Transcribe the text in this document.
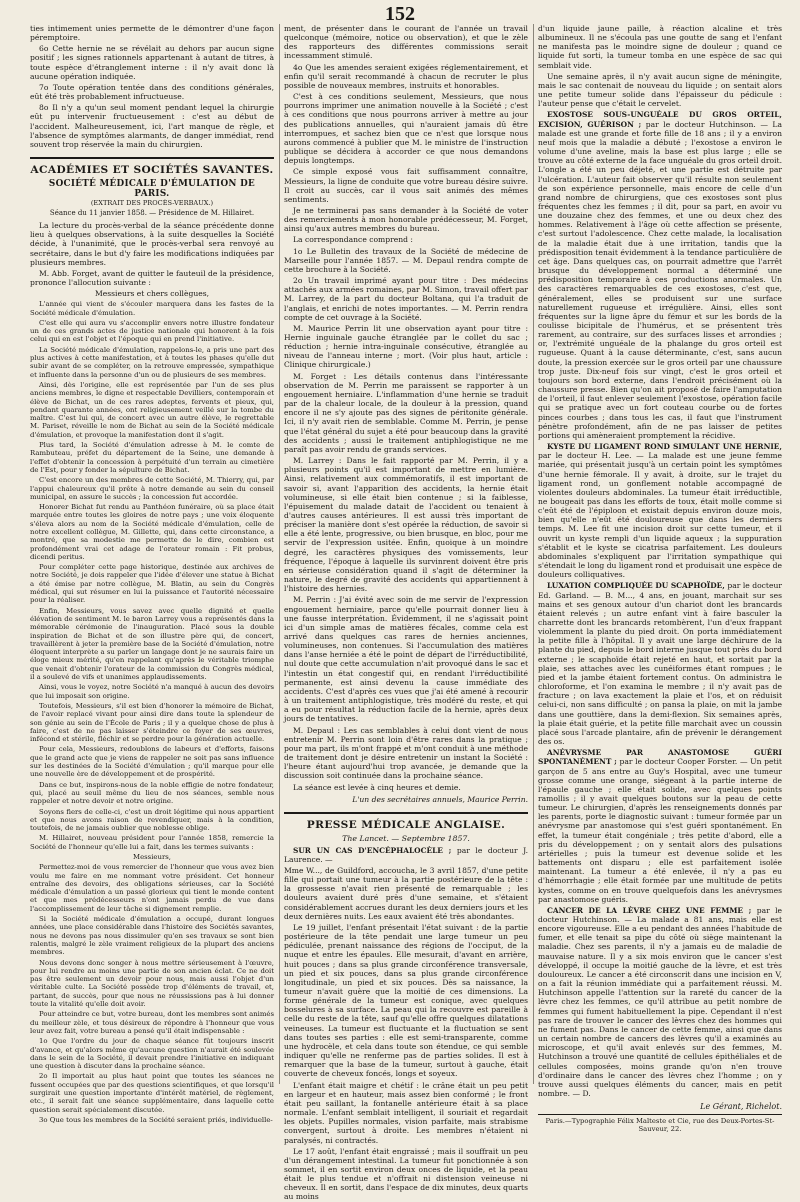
152

ties intimement unies permette de le démontrer d'une façon péremptoire.

6o Cette hernie ne se révélait au dehors par aucun signe positif ; les signes rationnels appartenant à autant de titres, à toute espèce d'étranglement interne : il n'y avait donc là aucune opération indiquée.

7o Toute opération tentée dans des conditions générales, eût été très probablement infructueuse.

8o Il n'y a qu'un seul moment pendant lequel la chirurgie eût pu intervenir fructueusement : c'est au début de l'accident. Malheureusement, ici, l'art manque de règle, et l'absence de symptômes alarmants, de danger immédiat, rend souvent trop réservée la main du chirurgien.

ACADÉMIES ET SOCIÉTÉS SAVANTES.
SOCIÉTÉ MÉDICALE D'ÉMULATION DE PARIS.
(EXTRAIT DES PROCÈS-VERBAUX.)
Séance du 11 janvier 1858. — Présidence de M. Hillairet.

La lecture du procès-verbal de la séance précédente donne lieu à quelques observations, à la suite desquelles la Société décide, à l'unanimité, que le procès-verbal sera renvoyé au secrétaire, dans le but d'y faire les modifications indiquées par plusieurs membres.

M. Abb. Forget, avant de quitter le fauteuil de la présidence, prononce l'allocution suivante :

Messieurs et chers collègues,

L'année qui vient de s'écouler marquera dans les fastes de la Société médicale d'émulation.

C'est elle qui aura vu s'accomplir envers notre illustre fondateur un de ces grands actes de justice nationale qui honorent à la fois celui qui en est l'objet et l'époque qui en prend l'initiative.

La Société médicale d'émulation, rappelons-le, a pris une part des plus actives à cette manifestation, et à toutes les phases qu'elle dut subir avant de se compléter, on la retrouve empressée, sympathique et influente dans la personne d'un ou de plusieurs de ses membres.

Ainsi, dès l'origine, elle est représentée par l'un de ses plus anciens membres, le digne et respectable Devilliers, contemporain et élève de Bichat, un de ces rares adeptes, fervents et pieux, qui, pendant quarante années, ont religieusement veillé sur la tombe du maître. C'est lui qui, de concert avec un autre élève, le regrettable M. Pariset, réveille le nom de Bichat au sein de la Société médicale d'émulation, et provoque la manifestation dont il s'agit.

Plus tard, la Société d'émulation adresse à M. le comte de Rambuteau, préfet du département de la Seine, une demande à l'effet d'obtenir la concession à perpétuité d'un terrain au cimetière de l'Est, pour y fonder la sépulture de Bichat.

C'est encore un des membres de cette Société, M. Thierry, qui, par l'appui chaleureux qu'il prête à notre demande au sein du conseil municipal, en assure le succès ; la concession fut accordée.

Honorer Bichat fut rendu au Panthéon funéraire, où sa place était marquée entre toutes les gloires de notre pays ; une voix éloquente s'éleva alors au nom de la Société médicale d'émulation, celle de notre excellent collègue, M. Gillette, qui, dans cette circonstance, a montré, que sa modestie me permette de le dire, combien est profondément vrai cet adage de l'orateur romain : Fit probus, dicendi peritus.

Pour compléter cette page historique, destinée aux archives de notre Société, je dois rappeler que l'idée d'élever une statue à Bichat a été émise par notre collègue, M. Blatin, au sein du Congrès médical, qui sut résumer en lui la puissance et l'autorité nécessaire pour la réaliser.

Enfin, Messieurs, vous savez avec quelle dignité et quelle élévation de sentiment M. le baron Larrey vous a représentés dans la mémorable cérémonie de l'inauguration. Placé sous la double inspiration de Bichat et de son illustre père qui, de concert, travaillèrent à jeter la première base de la Société d'émulation, notre éloquent interprète a su parler un langage dont je ne saurais faire un éloge mieux mérité, qu'en rappelant qu'après le véritable triomphe que venait d'obtenir l'orateur de la commission du Congrès médical, il a soulevé de vifs et unanimes applaudissements.

Ainsi, vous le voyez, notre Société n'a manqué à aucun des devoirs que lui imposait son origine.

Toutefois, Messieurs, s'il est bien d'honorer la mémoire de Bichat, de l'avoir replacé vivant pour ainsi dire dans toute la splendeur de son génie au sein de l'École de Paris ; il y a quelque chose de plus à faire, c'est de ne pas laisser s'éteindre ce foyer de ses œuvres, infécond et stérile, fléchir et se perdre pour la génération actuelle.

Pour cela, Messieurs, redoublons de labeurs et d'efforts, faisons que le grand acte que je viens de rappeler ne soit pas sans influence sur les destinées de la Société d'émulation ; qu'il marque pour elle une nouvelle ère de développement et de prospérité.

Dans ce but, inspirons-nous de la noble effigie de notre fondateur, qui, placé au seuil même du lieu de nos séances, semble nous rappeler et notre devoir et notre origine.

Soyons fiers de celle-ci, c'est un droit légitime qui nous appartient et que nous avons raison de revendiquer, mais à la condition, toutefois, de ne jamais oublier que noblesse oblige.

M. Hillairet, nouveau président pour l'année 1858, remercie la Société de l'honneur qu'elle lui a fait, dans les termes suivants :

Messieurs,

Permettez-moi de vous remercier de l'honneur que vous avez bien voulu me faire en me nommant votre président. Cet honneur entraîne des devoirs, des obligations sérieuses, car la Société médicale d'émulation a un passé glorieux qui tient le monde content et que mes prédécesseurs n'ont jamais perdu de vue dans l'accomplissement de leur tâche si dignement remplie.

Si la Société médicale d'émulation a occupé, durant longues années, une place considérable dans l'histoire des Sociétés savantes, nous ne devons pas nous dissimuler qu'en ses travaux se sont bien ralentis, malgré le zèle vraiment religieux de la plupart des anciens membres.

Nous devons donc songer à nous mettre sérieusement à l'œuvre, pour lui rendre au moins une partie de son ancien éclat. Ce ne doit pas être seulement un devoir pour nous, mais aussi l'objet d'un véritable culte. La Société possède trop d'éléments de travail, et, partant, de succès, pour que nous ne réussissions pas à lui donner toute la vitalité qu'elle doit avoir.

Pour atteindre ce but, votre bureau, dont les membres sont animés du meilleur zèle, et tous désireux de répondre à l'honneur que vous leur avez fait, votre bureau a pensé qu'il était indispensable :

1o Que l'ordre du jour de chaque séance fût toujours inscrit d'avance, et qu'alors même qu'aucune question n'aurait été soulevée dans le sein de la Société, il devait prendre l'initiative en indiquant une question à discuter dans la prochaine séance.

2o Il importait au plus haut point que toutes les séances ne fussent occupées que par des questions scientifiques, et que lorsqu'il surgirait une question importante d'intérêt matériel, de règlement, etc., il serait fait une séance supplémentaire, dans laquelle cette question serait spécialement discutée.

3o Que tous les membres de la Société seraient priés, individuelle-

ment, de présenter dans le courant de l'année un travail quelconque (mémoire, notice ou observation), et que le zèle des rapporteurs des différentes commissions serait incessamment stimulé.

4o Que les amendes seraient exigées réglementairement, et enfin qu'il serait recommandé à chacun de recruter le plus possible de nouveaux membres, instruits et honorables.

C'est à ces conditions seulement, Messieurs, que nous pourrons imprimer une animation nouvelle à la Société ; c'est à ces conditions que nous pourrons arriver à mettre au jour des publications annuelles, qui n'auraient jamais dû être interrompues, et sachez bien que ce n'est que lorsque nous aurons commencé à publier que M. le ministre de l'instruction publique se décidera à accorder ce que nous demandons depuis longtemps.

Ce simple exposé vous fait suffisamment connaître, Messieurs, la ligne de conduite que votre bureau désire suivre. Il croit au succès, car il vous sait animés des mêmes sentiments.

Je ne terminerai pas sans demander à la Société de voter des remerciements à mon honorable prédécesseur, M. Forget, ainsi qu'aux autres membres du bureau.

La correspondance comprend :

1o Le Bulletin des travaux de la Société de médecine de Marseille pour l'année 1857. — M. Depaul rendra compte de cette brochure à la Société.

2o Un travail imprimé ayant pour titre : Des médecins attachés aux armées romaines, par M. Simon, travail offert par M. Larrey, de la part du docteur Boltana, qui l'a traduit de l'anglais, et enrichi de notes importantes. — M. Perrin rendra compte de cet ouvrage à la Société.

M. Maurice Perrin lit une observation ayant pour titre : Hernie inguinale gauche étranglée par le collet du sac ; réduction ; hernie intra-inguinale consécutive, étranglée au niveau de l'anneau interne ; mort. (Voir plus haut, article : Clinique chirurgicale.)

M. Forget : Les détails contenus dans l'intéressante observation de M. Perrin me paraissent se rapporter à un engouement herniaire. L'inflammation d'une hernie se traduit par de la chaleur locale, de la douleur à la pression, quand encore il ne s'y ajoute pas des signes de péritonite générale. Ici, il n'y avait rien de semblable. Comme M. Perrin, je pense que l'état général du sujet a été pour beaucoup dans la gravité des accidents ; aussi le traitement antiphlogistique ne me paraît pas avoir rendu de grands services.

M. Larrey : Dans le fait rapporté par M. Perrin, il y a plusieurs points qu'il est important de mettre en lumière. Ainsi, relativement aux commémoratifs, il est important de savoir si, avant l'apparition des accidents, la hernie était volumineuse, si elle était bien contenue ; si la faiblesse, l'épuisement du malade datait de l'accident ou tenaient à d'autres causes antérieures. Il est aussi très important de préciser la manière dont s'est opérée la réduction, de savoir si elle a été lente, progressive, ou bien brusque, en bloc, pour me servir de l'expression usitée. Enfin, quoique à un moindre degré, les caractères physiques des vomissements, leur fréquence, l'époque à laquelle ils survinrent doivent être pris en sérieuse considération quand il s'agit de déterminer la nature, le degré de gravité des accidents qui appartiennent à l'histoire des hernies.

M. Perrin : J'ai évité avec soin de me servir de l'expression engouement herniaire, parce qu'elle pourrait donner lieu à une fausse interprétation. Évidemment, il ne s'agissait point ici d'un simple amas de matières fécales, comme cela est arrivé dans quelques cas rares de hernies anciennes, volumineuses, non contenues. Si l'accumulation des matières dans l'anse herniée a été le point de départ de l'irréductibilité, nul doute que cette accumulation n'ait provoqué dans le sac et l'intestin un état congestif qui, en rendant l'irréductibilité permanente, est ainsi devenu la cause immédiate des accidents. C'est d'après ces vues que j'ai été amené à recourir à un traitement antiphlogistique, très modéré du reste, et qui a eu pour résultat la réduction facile de la hernie, après deux jours de tentatives.

M. Depaul : Les cas semblables à celui dont vient de nous entretenir M. Perrin sont loin d'être rares dans la pratique ; pour ma part, ils m'ont frappé et m'ont conduit à une méthode de traitement dont je désire entretenir un instant la Société : l'heure étant aujourd'hui trop avancée, je demande que la discussion soit continuée dans la prochaine séance.

La séance est levée à cinq heures et demie.

L'un des secrétaires annuels, Maurice Perrin.
PRESSE MÉDICALE ANGLAISE.
The Lancet. — Septembre 1857.

SUR UN CAS D'ENCÉPHALOCÈLE ; par le docteur J. Laurence. —

Mme W..., de Guildford, accoucha, le 3 avril 1857, d'une petite fille qui portait une tumeur à la partie postérieure de la tête : la grossesse n'avait rien présenté de remarquable ; les douleurs avaient duré près d'une semaine, et s'étaient considérablement accrues durant les deux derniers jours et les deux dernières nuits. Les eaux avaient été très abondantes.

Le 19 juillet, l'enfant présentait l'état suivant : de la partie postérieure de la tête pendait une large tumeur un peu pédiculée, prenant naissance des régions de l'occiput, de la nuque et entre les épaules. Elle mesurait, d'avant en arrière, huit pouces ; dans sa plus grande circonférence transversale, un pied et six pouces, dans sa plus grande circonférence longitudinale, un pied et six pouces. Dès sa naissance, la tumeur n'avait guère que la moitié de ces dimensions. La forme générale de la tumeur est conique, avec quelques bosselures à sa surface. La peau qui la recouvre est pareille à celle du reste de la tête, sauf qu'elle offre quelques dilatations veineuses. La tumeur est fluctuante et la fluctuation se sent dans toutes ses parties : elle est semi-transparente, comme une hydrocèle, et cela dans toute son étendue, ce qui semble indiquer qu'elle ne renferme pas de parties solides. Il est à remarquer que la base de la tumeur, surtout à gauche, était couverte de cheveux foncés, longs et soyeux.

L'enfant était maigre et chétif : le crâne était un peu petit en largeur et en hauteur, mais assez bien conformé ; le front était peu saillant, la fontanelle antérieure était à sa place normale. L'enfant semblait intelligent, il souriait et regardait les objets. Pupilles normales, vision parfaite, mais strabisme convergent, surtout à droite. Les membres n'étaient ni paralysés, ni contractés.

Le 17 août, l'enfant était engraissé ; mais il souffrait un peu d'un dérangement intestinal. La tumeur fut ponctionnée à son sommet, il en sortit environ deux onces de liquide, et la peau était le plus tendue et n'offrait ni distension veineuse ni cheveux. Il en sortit, dans l'espace de dix minutes, deux quarts au moins

d'un liquide jaune paille, à réaction alcaline et très albumineux. Il ne s'écoula pas une goutte de sang et l'enfant ne manifesta pas le moindre signe de douleur ; quand ce liquide fut sorti, la tumeur tomba en une espèce de sac qui semblait vide.

Une semaine après, il n'y avait aucun signe de méningite, mais le sac contenait de nouveau du liquide ; on sentait alors une petite tumeur solide dans l'épaisseur du pédicule : l'auteur pense que c'était le cervelet.

EXOSTOSE SOUS-UNGUÉALE DU GROS ORTEIL, EXCISION, GUÉRISON ; par le docteur Hutchinson. — La malade est une grande et forte fille de 18 ans ; il y a environ neuf mois que la maladie a débuté ; l'exostose a environ le volume d'une aveline, mais la base est plus large ; elle se trouve au côté externe de la face unguéale du gros orteil droit. L'ongle a été un peu déjeté, et une partie est détruite par l'ulcération. L'auteur fait observer qu'il résulte non seulement de son expérience personnelle, mais encore de celle d'un grand nombre de chirurgiens, que ces exostoses sont plus fréquentes chez les femmes ; il dit, pour sa part, en avoir vu une douzaine chez des femmes, et une ou deux chez des hommes. Relativement à l'âge où cette affection se présente, c'est surtout l'adolescence. Chez cette malade, la localisation de la maladie était due à une irritation, tandis que la prédisposition tenait évidemment à la tendance particulière de cet âge. Dans quelques cas, on pourrait admettre que l'arrêt brusque du développement normal a déterminé une prédisposition temporaire à ces productions anormales. Un des caractères remarquables de ces exostoses, c'est que, généralement, elles se produisent sur une surface naturellement rugueuse et irrégulière. Ainsi, elles sont fréquentes sur la ligne âpre du fémur et sur les bords de la coulisse bicipitale de l'humérus, et se présentent très rarement, au contraire, sur des surfaces lisses et arrondies ; or, l'extrémité unguéale de la phalange du gros orteil est rugueuse. Quant à la cause déterminante, c'est, sans aucun doute, la pression exercée sur le gros orteil par une chaussure trop juste. Dix-neuf fois sur vingt, c'est le gros orteil et toujours son bord externe, dans l'endroit précisément où la chaussure presse. Bien qu'on ait proposé de faire l'amputation de l'orteil, il faut enlever seulement l'exostose, opération facile qui se pratique avec un fort couteau courbe ou de fortes pinces courbes ; dans tous les cas, il faut que l'instrument pénètre profondément, afin de ne pas laisser de petites portions qui amèneraient promptement la récidive.

KYSTE DU LIGAMENT ROND SIMULANT UNE HERNIE, par le docteur H. Lee. — La malade est une jeune femme mariée, qui présentait jusqu'à un certain point les symptômes d'une hernie fémorale. Il y avait, à droite, sur le trajet du ligament rond, un gonflement notable accompagné de violentes douleurs abdominales. La tumeur était irréductible, ne bougeait pas dans les efforts de toux, était molle comme si c'eût été de l'épiploon et existait depuis environ douze mois, bien qu'elle n'eût été douloureuse que dans les derniers temps. M. Lee fit une incision droit sur cette tumeur, et il ouvrit un kyste rempli d'un liquide aqueux ; la suppuration s'établit et le kyste se cicatrisa parfaitement. Les douleurs abdominales s'expliquent par l'irritation sympathique qui s'étendait le long du ligament rond et produisait une espèce de douleurs colliquatives.

LUXATION COMPLIQUÉE DU SCAPHOÏDE, par le docteur Ed. Garland. — B. M..., 4 ans, en jouant, marchait sur ses mains et ses genoux autour d'un chariot dont les brancards étaient relevés ; un autre enfant vint à faire basculer la charrette dont les brancards retombèrent, l'un d'eux frappant violemment la plante du pied droit. On porta immédiatement la petite fille à l'hôpital. Il y avait une large déchirure de la plante du pied, depuis le bord interne jusque tout près du bord externe ; le scaphoïde était rejeté en haut, et sortait par la plaie, ses attaches avec les cunéiformes étant rompues ; le pied et la jambe étaient fortement contus. On administra le chloroforme, et l'on examina le membre ; il n'y avait pas de fracture ; on lava exactement la plaie et l'os, et on réduisit celui-ci, non sans difficulté ; on pansa la plaie, on mit la jambe dans une gouttière, dans la demi-flexion. Six semaines après, la plaie était guérie, et la petite fille marchait avec un coussin placé sous l'arcade plantaire, afin de prévenir le dérangement des os.

ANÉVRYSME PAR ANASTOMOSE GUÉRI SPONTANÉMENT ; par le docteur Cooper Forster. — Un petit garçon de 5 ans entre au Guy's Hospital, avec une tumeur grosse comme une orange, siégeant à la partie interne de l'épaule gauche ; elle était solide, avec quelques points ramollis ; il y avait quelques boutons sur la peau de cette tumeur. Le chirurgien, d'après les renseignements donnés par les parents, porte le diagnostic suivant : tumeur formée par un anévrysme par anastomose qui s'est guéri spontanément. En effet, la tumeur était congéniale ; très petite d'abord, elle a pris du développement ; on y sentait alors des pulsations artérielles ; puis la tumeur est devenue solide et les battements ont disparu ; elle est parfaitement isolée maintenant. La tumeur a été enlevée, il n'y a pas eu d'hémorrhagie ; elle était formée par une multitude de petits kystes, comme on en trouve quelquefois dans les anévrysmes par anastomose guéris.

CANCER DE LA LÈVRE CHEZ UNE FEMME ; par le docteur Hutchinson. — La malade a 81 ans, mais elle est encore vigoureuse. Elle a eu pendant des années l'habitude de fumer, et elle tenait sa pipe du côté où siège maintenant la maladie. Chez ses parents, il n'y a jamais eu de maladie de mauvaise nature. Il y a six mois environ que le cancer s'est développé, il occupe la moitié gauche de la lèvre, et est très douloureux. Le cancer a été circonscrit dans une incision en V, on a fait la réunion immédiate qui a parfaitement réussi. M. Hutchinson appelle l'attention sur la rareté du cancer de la lèvre chez les femmes, ce qu'il attribue au petit nombre de femmes qui fument habituellement la pipe. Cependant il n'est pas rare de trouver le cancer des lèvres chez des hommes qui ne fument pas. Dans le cancer de cette femme, ainsi que dans un certain nombre de cancers des lèvres qu'il a examinés au microscope, et qu'il avait enlevés sur des femmes, M. Hutchinson a trouvé une quantité de cellules épithéliales et de cellules composées, moins grande qu'on n'en trouve d'ordinaire dans le cancer des lèvres chez l'homme ; on y trouve aussi quelques éléments du cancer, mais en petit nombre. — D.

Le Gérant, Richelot.
Paris.—Typographie Félix Malteste et Cie, rue des Deux-Portes-St-Sauveur, 22.
